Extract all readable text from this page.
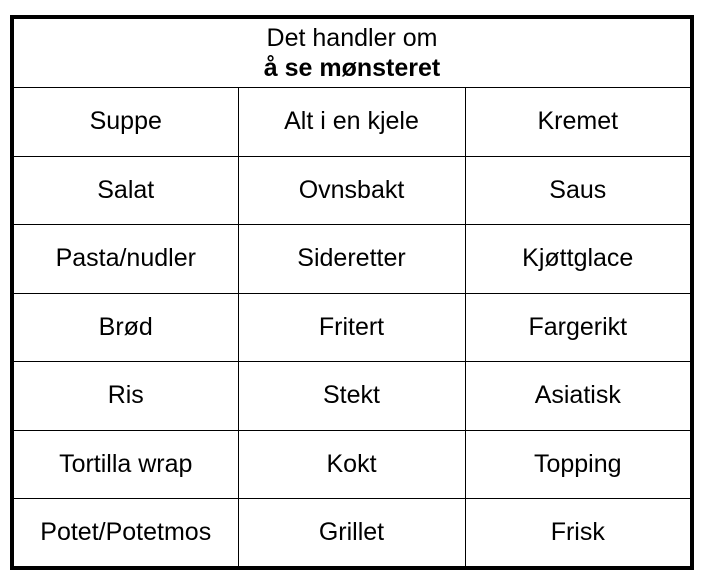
Det handler om
å se mønsteret		

Suppe	Alt i en kjele	Kremet
Salat	Ovnsbakt	Saus
Pasta/nudler	Sideretter	Kjøttglace
Brød	Fritert	Fargerikt
Ris	Stekt	Asiatisk
Tortilla wrap	Kokt	Topping
Potet/Potetmos	Grillet	Frisk
